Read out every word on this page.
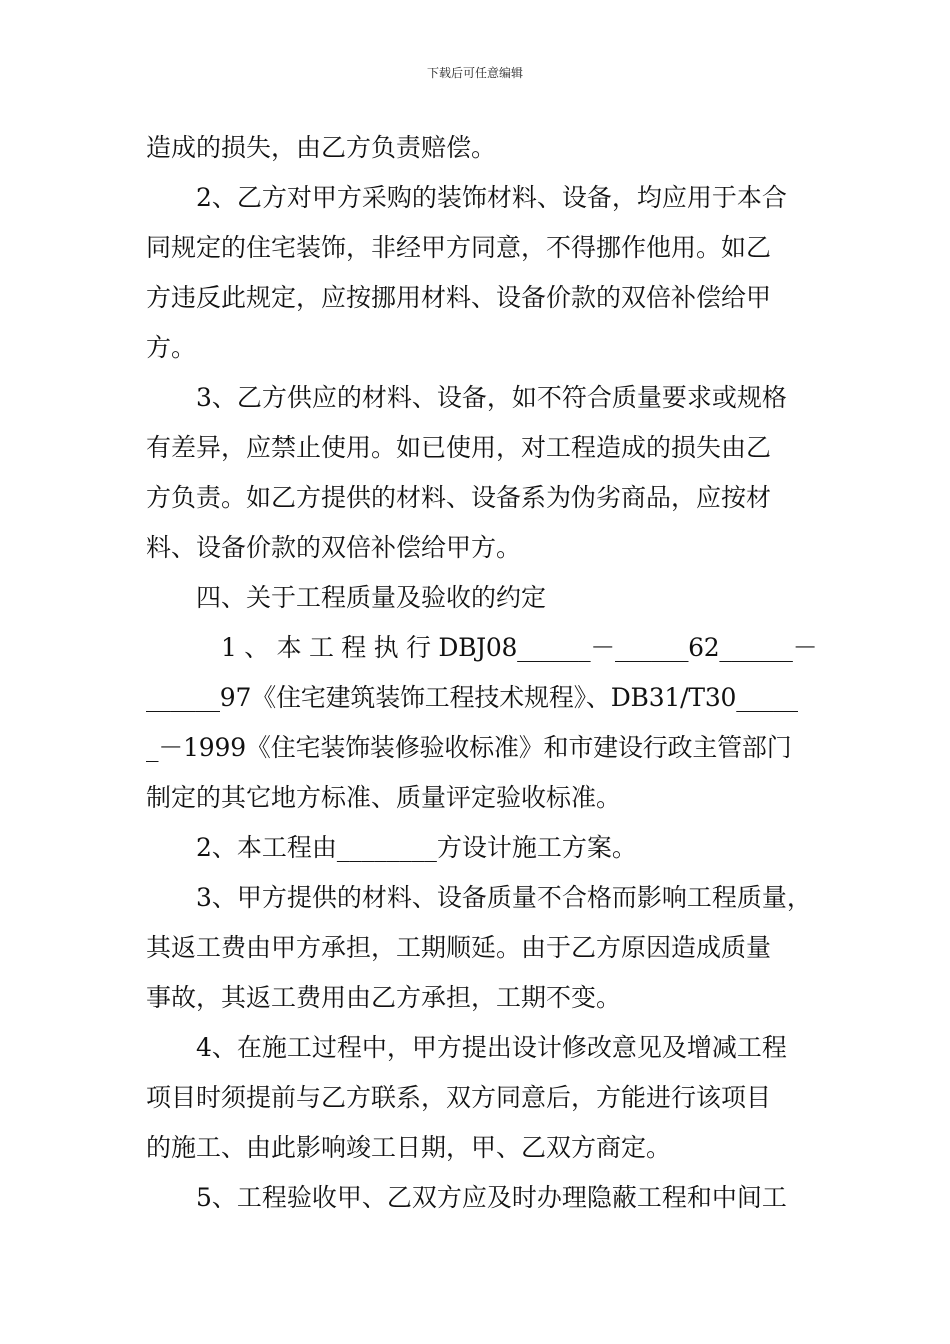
下载后可任意编辑
造成的损失，由乙方负责赔偿。
2、乙方对甲方采购的装饰材料、设备，均应用于本合
同规定的住宅装饰，非经甲方同意，不得挪作他用。如乙
方违反此规定，应按挪用材料、设备价款的双倍补偿给甲
方。
3、乙方供应的材料、设备，如不符合质量要求或规格
有差异，应禁止使用。如已使用，对工程造成的损失由乙
方负责。如乙方提供的材料、设备系为伪劣商品，应按材
料、设备价款的双倍补偿给甲方。
四、关于工程质量及验收的约定
1 、 本 工 程 执 行 DBJ08______－______62______－
______97《住宅建筑装饰工程技术规程》、DB31/T30_____
_－1999《住宅装饰装修验收标准》和市建设行政主管部门
制定的其它地方标准、质量评定验收标准。
2、本工程由________方设计施工方案。
3、甲方提供的材料、设备质量不合格而影响工程质量，
其返工费由甲方承担，工期顺延。由于乙方原因造成质量
事故，其返工费用由乙方承担，工期不变。
4、在施工过程中，甲方提出设计修改意见及增减工程
项目时须提前与乙方联系，双方同意后，方能进行该项目
的施工、由此影响竣工日期，甲、乙双方商定。
5、工程验收甲、乙双方应及时办理隐蔽工程和中间工
